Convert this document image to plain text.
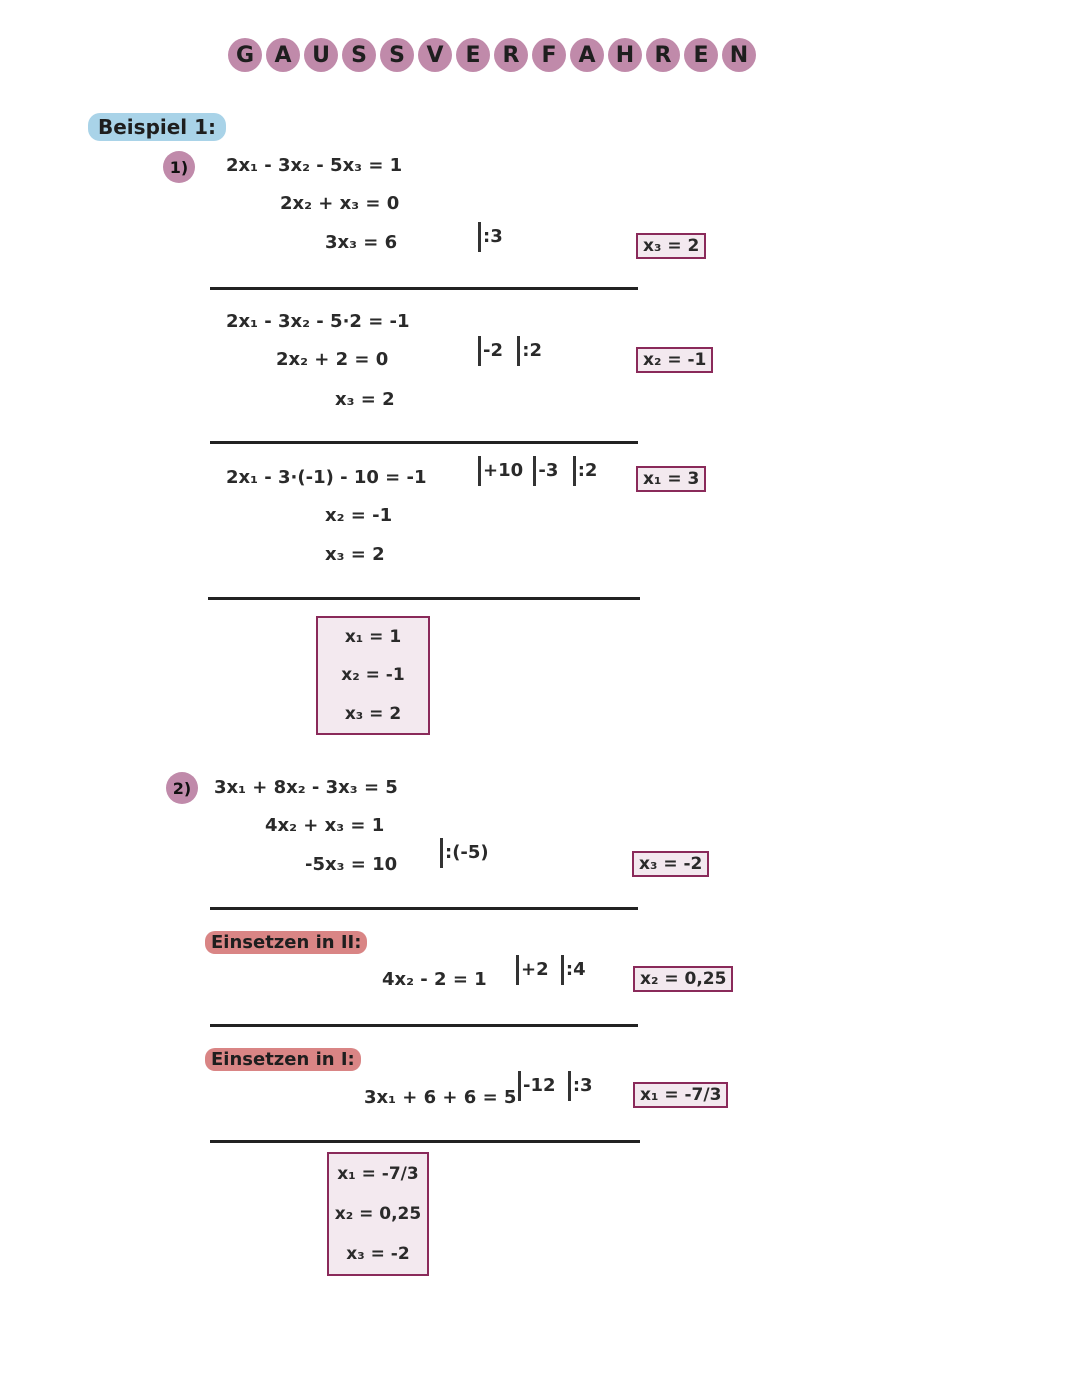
G A U S	S V E	R	F A H R	E N
Beispiel 1:
1)	2x₁ - 3x₂ - 5x₃ = 1
2x₂ + x₃ = 0
3x₃ = 6	:3	x₃ = 2
2x₁ - 3x₂ - 5·2 = -1
2x₂ + 2 = 0
x₃ = 2
-2 :2	x₂ = -1
2x₁ - 3·(-1) - 10 = -1
x₂ = -1
x₃ = 2
+10 -3 :2	x₁ = 3
x₁ = 1
x₂ = -1
x₃ = 2
2)	3x₁ + 8x₂ - 3x₃ = 5
4x₂ + x₃ = 1
-5x₃ = 10
:(-5)
x₃ = -2
Einsetzen in II:
4x₂ - 2 = 1 +2 :4	x₂ = 0,25
Einsetzen in I:
3x₁ + 6 + 6 = 5
-12 :3	x₁ = -7/3
x₁ = -7/3
x₂ = 0,25
x₃ = -2
